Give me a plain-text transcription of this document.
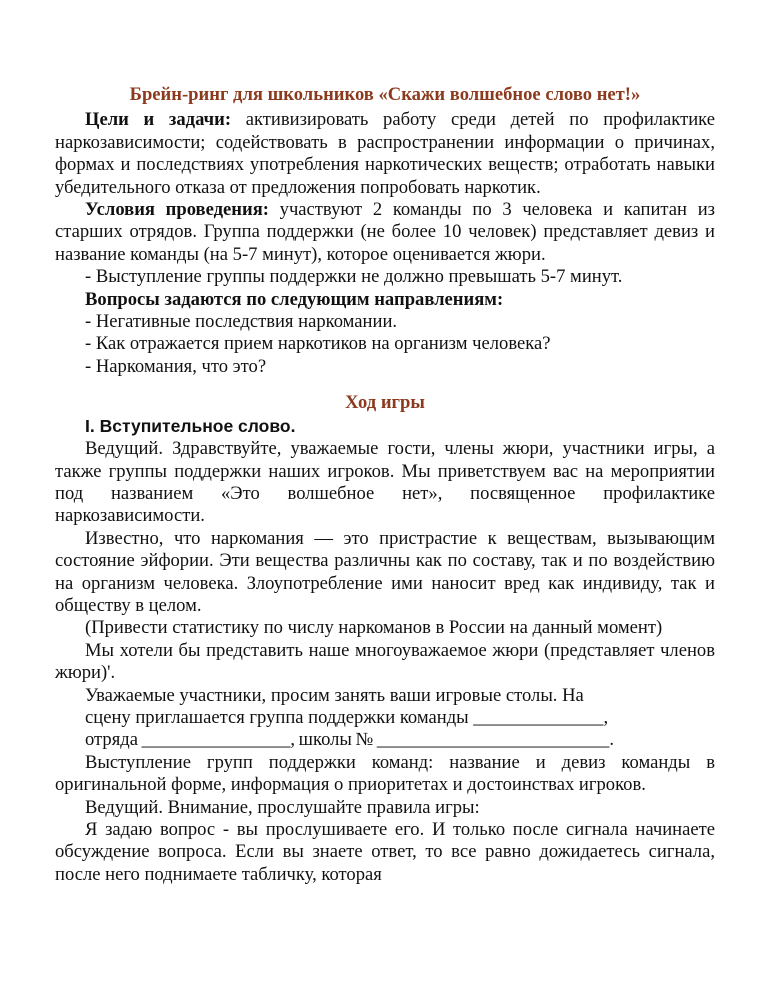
Брейн-ринг для школьников «Скажи волшебное слово нет!»

Цели и задачи: активизировать работу среди детей по профилактике наркозависимости; содействовать в распространении информации о причинах, формах и последствиях употребления наркотических веществ; отработать навыки убедительного отказа от предложения попробовать наркотик.

Условия проведения: участвуют 2 команды по 3 человека и капитан из старших отрядов. Группа поддержки (не более 10 человек) представляет девиз и название команды (на 5-7 минут), которое оценивается жюри.

- Выступление группы поддержки не должно превышать 5-7 минут.

Вопросы задаются по следующим направлениям:

- Негативные последствия наркомании.

- Как отражается прием наркотиков на организм человека?

- Наркомания, что это?

Ход игры

I. Вступительное слово.

Ведущий. Здравствуйте, уважаемые гости, члены жюри, участники игры, а также группы поддержки наших игроков. Мы приветствуем вас на мероприятии под названием «Это волшебное нет», посвященное профилактике наркозависимости.

Известно, что наркомания — это пристрастие к веществам, вызывающим состояние эйфории. Эти вещества различны как по составу, так и по воздействию на организм человека. Злоупотребление ими наносит вред как индивиду, так и обществу в целом.

(Привести статистику по числу наркоманов в России на данный момент)

Мы хотели бы представить наше многоуважаемое жюри (представляет членов жюри)'.

Уважаемые участники, просим занять ваши игровые столы. На

сцену приглашается группа поддержки команды ______________,

отряда ________________, школы № _________________________.

Выступление групп поддержки команд: название и девиз команды в оригинальной форме, информация о приоритетах и достоинствах игроков.

Ведущий. Внимание, прослушайте правила игры:

Я задаю вопрос - вы прослушиваете его. И только после сигнала начинаете обсуждение вопроса. Если вы знаете ответ, то все равно дожидаетесь сигнала, после него поднимаете табличку, которая
